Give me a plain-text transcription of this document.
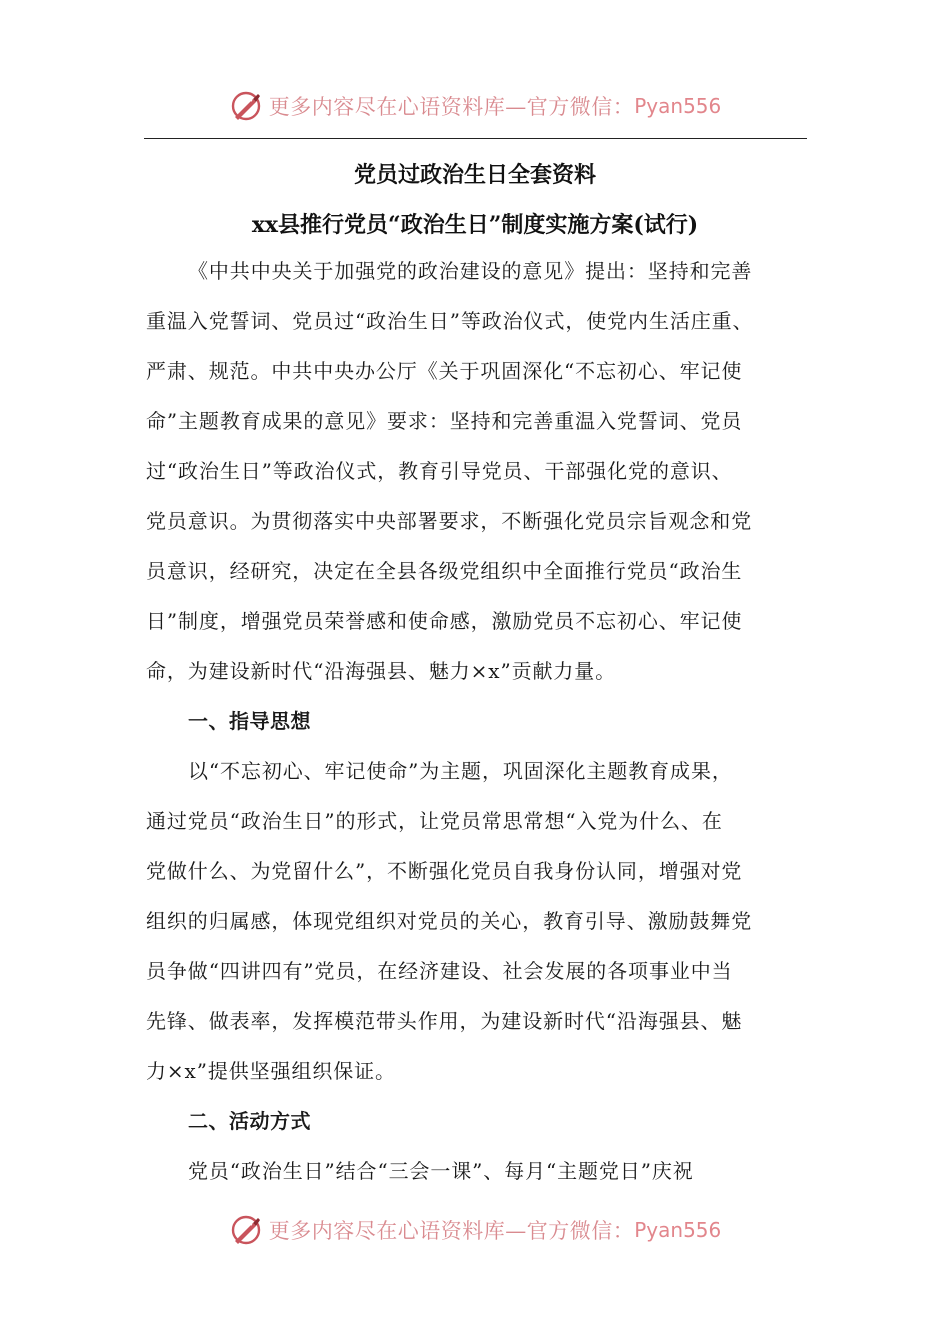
更多内容尽在心语资料库—官方微信： Pyan556
党员过政治生日全套资料
xx县推行党员“政治生日”制度实施方案(试行)
《中共中央关于加强党的政治建设的意见》提出：坚持和完善
重温入党誓词、党员过“政治生日”等政治仪式，使党内生活庄重、
严肃、规范。中共中央办公厅《关于巩固深化“不忘初心、牢记使
命”主题教育成果的意见》要求：坚持和完善重温入党誓词、党员
过“政治生日”等政治仪式，教育引导党员、干部强化党的意识、
党员意识。为贯彻落实中央部署要求，不断强化党员宗旨观念和党
员意识，经研究，决定在全县各级党组织中全面推行党员“政治生
日”制度，增强党员荣誉感和使命感，激励党员不忘初心、牢记使
命，为建设新时代“沿海强县、魅力×x”贡献力量。
一、指导思想
以“不忘初心、牢记使命”为主题，巩固深化主题教育成果，
通过党员“政治生日”的形式，让党员常思常想“入党为什么、在
党做什么、为党留什么”，不断强化党员自我身份认同，增强对党
组织的归属感，体现党组织对党员的关心，教育引导、激励鼓舞党
员争做“四讲四有”党员，在经济建设、社会发展的各项事业中当
先锋、做表率，发挥模范带头作用，为建设新时代“沿海强县、魅
力×x”提供坚强组织保证。
二、活动方式
党员“政治生日”结合“三会一课”、每月“主题党日”庆祝
更多内容尽在心语资料库—官方微信： Pyan556
